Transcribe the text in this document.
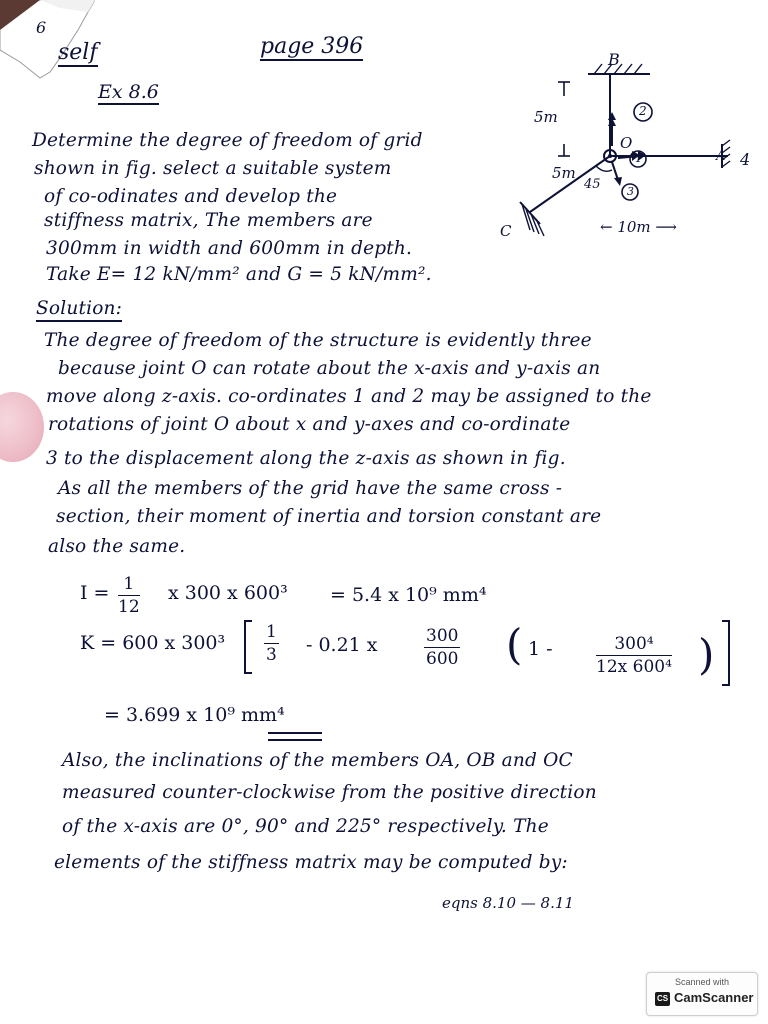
6
self	page 396
Ex 8.6
Determine the degree of freedom of grid
shown in fig. select a suitable system
of co-odinates and develop the
stiffness matrix, The members are
300mm in width and 600mm in depth.
Take E= 12 kN/mm² and G = 5 kN/mm².
B
O
C
5m
5m
45
← 10m ⟶
4
A
2
1
3
Solution:
The degree of freedom of the structure is evidently three
because joint O can rotate about the x-axis and y-axis an
move along z-axis. co-ordinates 1 and 2 may be assigned to the
rotations of joint O about x and y-axes and co-ordinate
3 to the displacement along the z-axis as shown in fig.
As all the members of the grid have the same cross -
section, their moment of inertia and torsion constant are
also the same.
$I = \frac{1}{12}$ x 300 x 600³ = 5.4 x 10⁹ mm⁴
K = 600 x $300^3 \frac{1}{3} - 0.21$ x	$\frac{300}{600}$ ( 1 -	$\frac{\text{300⁴}}{\text{12x 600⁴}}$ )
= 3.699 x 10⁹ mm⁴
Also, the inclinations of the members OA, OB and OC
measured counter-clockwise from the positive direction
of the x-axis are 0°, 90° and 225° respectively. The
elements of the stiffness matrix may be computed by:
eqns 8.10 — 8.11
Scanned with
CS CamScanner
